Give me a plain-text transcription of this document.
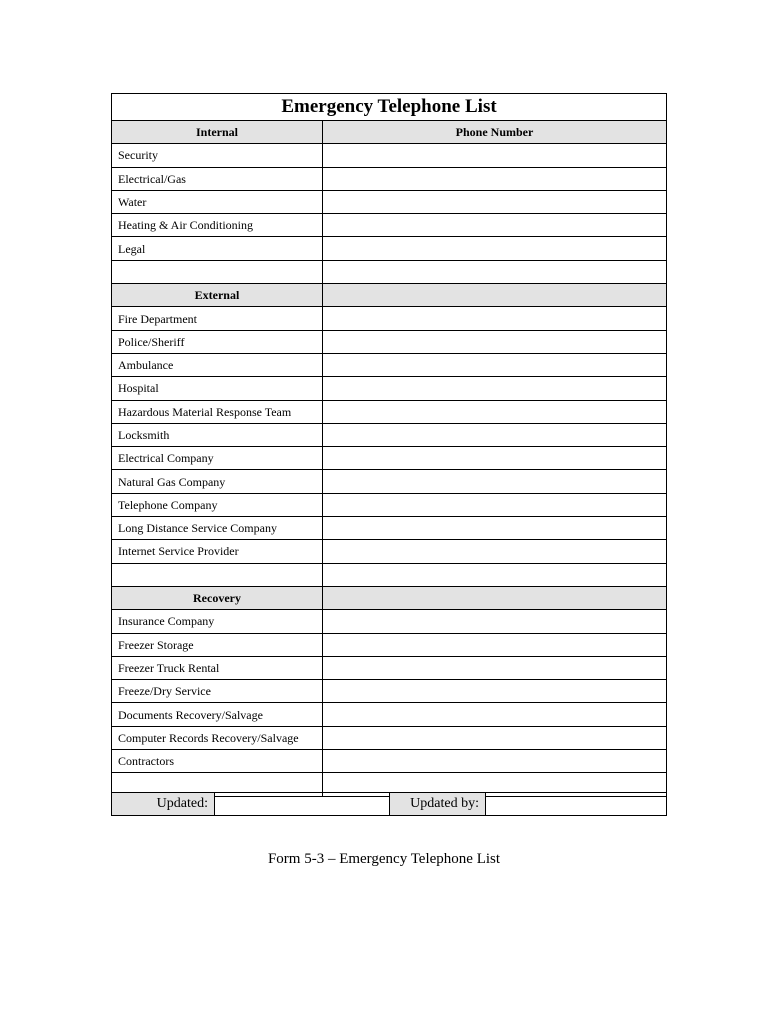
Emergency Telephone List	
Internal	Phone Number
Security	
Electrical/Gas	
Water	
Heating & Air Conditioning	
Legal	

External	
Fire Department	
Police/Sheriff	
Ambulance	
Hospital	
Hazardous Material Response Team	
Locksmith	
Electrical Company	
Natural Gas Company	
Telephone Company	
Long Distance Service Company	
Internet Service Provider	

Recovery	
Insurance Company	
Freezer Storage	
Freezer Truck Rental	
Freeze/Dry Service	
Documents Recovery/Salvage	
Computer Records Recovery/Salvage	
Contractors	

Updated:		Updated by:	
Form 5-3 – Emergency Telephone List
